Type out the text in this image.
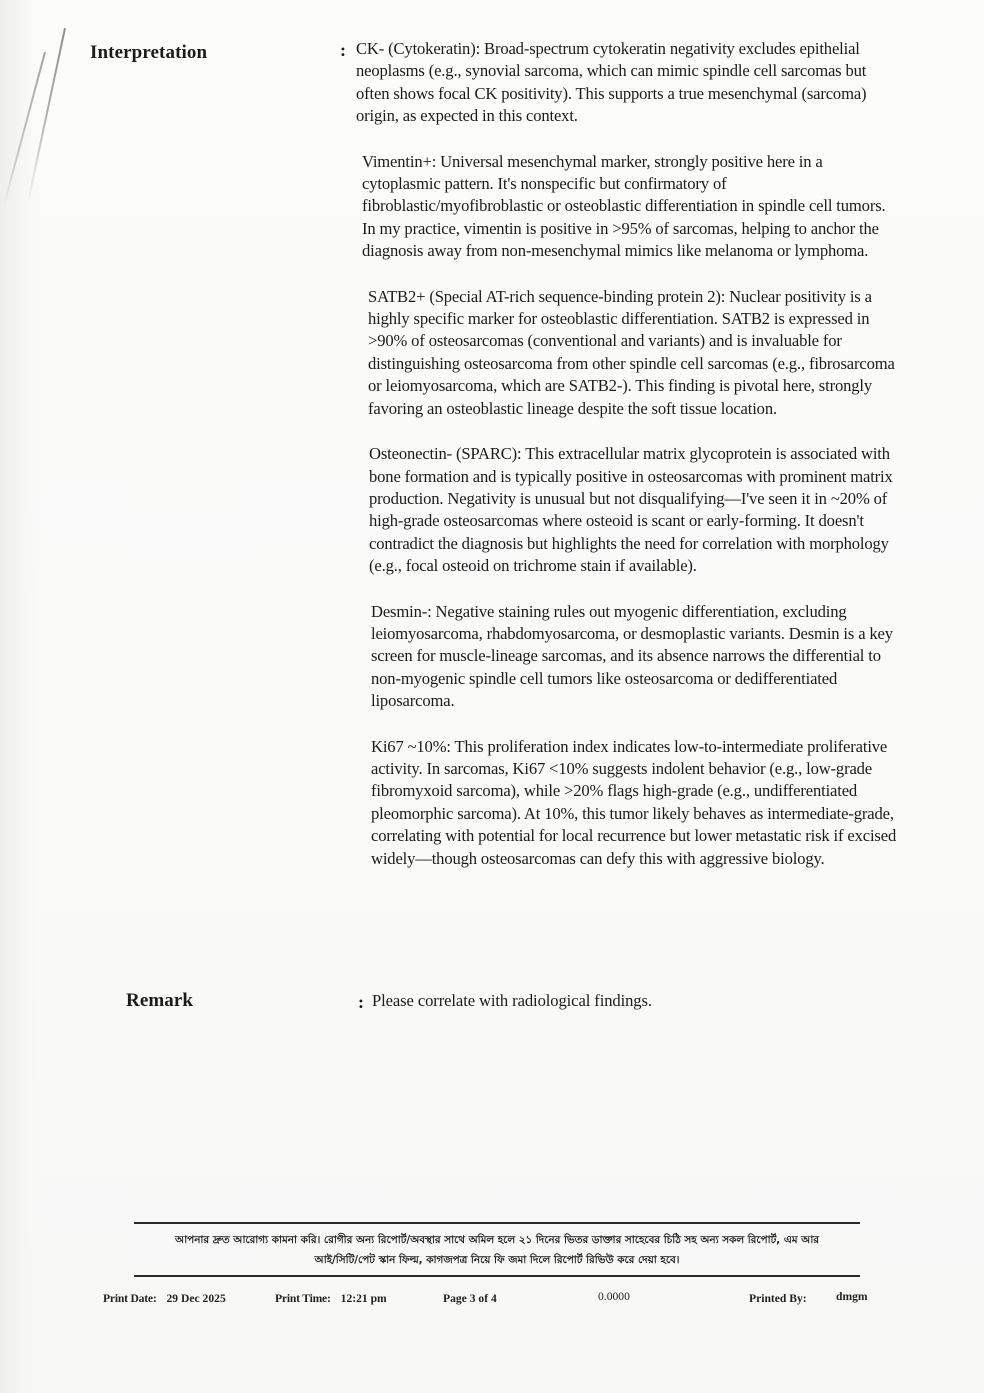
Interpretation	: CK- (Cytokeratin): Broad-spectrum cytokeratin negativity excludes epithelial neoplasms (e.g., synovial sarcoma, which can mimic spindle cell sarcomas but often shows focal CK positivity). This supports a true mesenchymal (sarcoma) origin, as expected in this context.

Vimentin+: Universal mesenchymal marker, strongly positive here in a cytoplasmic pattern. It's nonspecific but confirmatory of fibroblastic/myofibroblastic or osteoblastic differentiation in spindle cell tumors. In my practice, vimentin is positive in >95% of sarcomas, helping to anchor the diagnosis away from non-mesenchymal mimics like melanoma or lymphoma.

SATB2+ (Special AT-rich sequence-binding protein 2): Nuclear positivity is a highly specific marker for osteoblastic differentiation. SATB2 is expressed in >90% of osteosarcomas (conventional and variants) and is invaluable for distinguishing osteosarcoma from other spindle cell sarcomas (e.g., fibrosarcoma or leiomyosarcoma, which are SATB2-). This finding is pivotal here, strongly favoring an osteoblastic lineage despite the soft tissue location.

Osteonectin- (SPARC): This extracellular matrix glycoprotein is associated with bone formation and is typically positive in osteosarcomas with prominent matrix production. Negativity is unusual but not disqualifying—I've seen it in ~20% of high-grade osteosarcomas where osteoid is scant or early-forming. It doesn't contradict the diagnosis but highlights the need for correlation with morphology (e.g., focal osteoid on trichrome stain if available).

Desmin-: Negative staining rules out myogenic differentiation, excluding leiomyosarcoma, rhabdomyosarcoma, or desmoplastic variants. Desmin is a key screen for muscle-lineage sarcomas, and its absence narrows the differential to non-myogenic spindle cell tumors like osteosarcoma or dedifferentiated liposarcoma.

Ki67 ~10%: This proliferation index indicates low-to-intermediate proliferative activity. In sarcomas, Ki67 <10% suggests indolent behavior (e.g., low-grade fibromyxoid sarcoma), while >20% flags high-grade (e.g., undifferentiated pleomorphic sarcoma). At 10%, this tumor likely behaves as intermediate-grade, correlating with potential for local recurrence but lower metastatic risk if excised widely—though osteosarcomas can defy this with aggressive biology.

Remark	: Please correlate with radiological findings.
আপনার দ্রুত আরোগ্য কামনা করি। রোগীর অন্য রিপোর্ট/অবস্থার সাথে অমিল হলে ২১ দিনের ভিতর ডাক্তার সাহেবের চিঠি সহ অন্য সকল রিপোর্ট, এম আর
আই/সিটি/পেট স্কান ফিল্ম, কাগজপত্র নিয়ে ফি জমা দিলে রিপোর্ট রিভিউ করে দেয়া হবে।
Print Date: 29 Dec 2025	Print Time: 12:21 pm	Page 3 of 4	0.0000	Printed By:	dmgm
